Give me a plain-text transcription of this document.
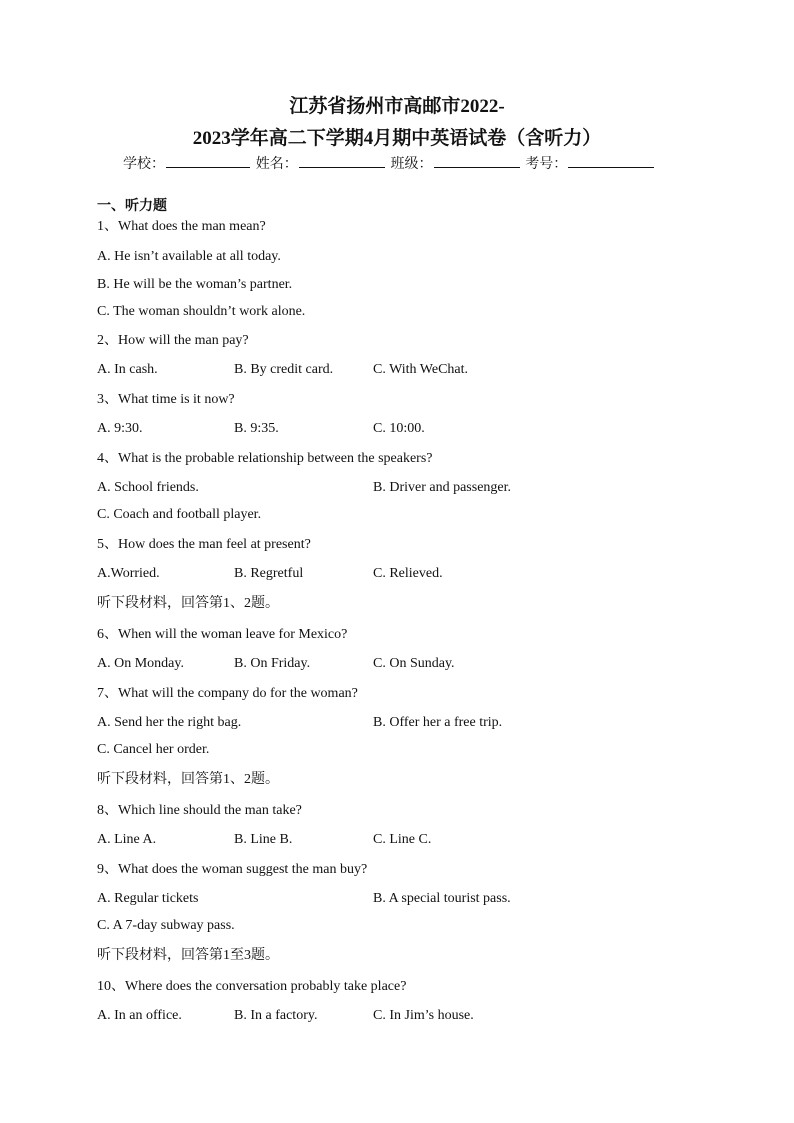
江苏省扬州市高邮市2022-
2023学年高二下学期4月期中英语试卷（含听力）
学校：	姓名：	班级：	考号：
一、听力题
1、What does the man mean?
A. He isn’t available at all today.
B. He will be the woman’s partner.
C. The woman shouldn’t work alone.
2、How will the man pay?
A. In cash.	B. By credit card.	C. With WeChat.
3、What time is it now?
A. 9:30.	B. 9:35.	C. 10:00.
4、What is the probable relationship between the speakers?
A. School friends.	B. Driver and passenger.
C. Coach and football player.
5、How does the man feel at present?
A.Worried.	B. Regretful	C. Relieved.
听下段材料，回答第1、2题。
6、When will the woman leave for Mexico?
A. On Monday.	B. On Friday.	C. On Sunday.
7、What will the company do for the woman?
A. Send her the right bag.	B. Offer her a free trip.
C. Cancel her order.
听下段材料，回答第1、2题。
8、Which line should the man take?
A. Line A.	B. Line B.	C. Line C.
9、What does the woman suggest the man buy?
A. Regular tickets	B. A special tourist pass.
C. A 7-day subway pass.
听下段材料，回答第1至3题。
10、Where does the conversation probably take place?
A. In an office.	B. In a factory.	C. In Jim’s house.
